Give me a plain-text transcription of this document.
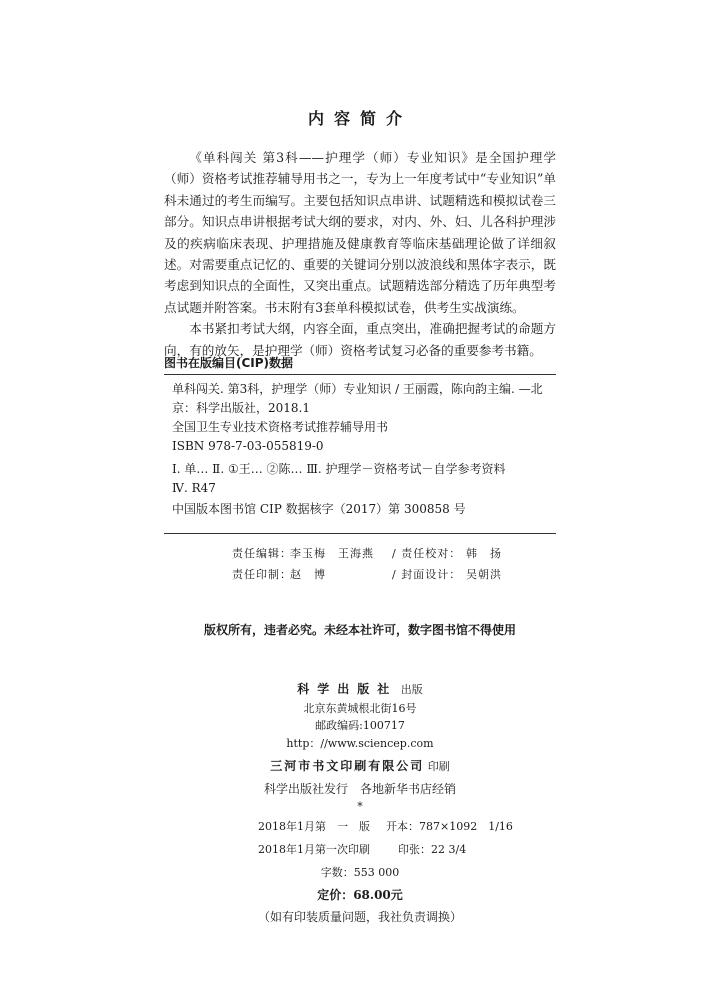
内容简介

《单科闯关 第3科——护理学（师）专业知识》是全国护理学（师）资格考试推荐辅导用书之一，专为上一年度考试中“专业知识”单科未通过的考生而编写。主要包括知识点串讲、试题精选和模拟试卷三部分。知识点串讲根据考试大纲的要求，对内、外、妇、儿各科护理涉及的疾病临床表现、护理措施及健康教育等临床基础理论做了详细叙述。对需要重点记忆的、重要的关键词分别以波浪线和黑体字表示，既考虑到知识点的全面性，又突出重点。试题精选部分精选了历年典型考点试题并附答案。书末附有3套单科模拟试卷，供考生实战演练。

本书紧扣考试大纲，内容全面，重点突出，准确把握考试的命题方向，有的放矢，是护理学（师）资格考试复习必备的重要参考书籍。

图书在版编目(CIP)数据
单科闯关. 第3科，护理学（师）专业知识 / 王丽霞，陈向韵主编. —北
京：科学出版社，2018.1
全国卫生专业技术资格考试推荐辅导用书
ISBN 978-7-03-055819-0
Ⅰ. 单… Ⅱ. ①王… ②陈… Ⅲ. 护理学－资格考试－自学参考资料
Ⅳ. R47
中国版本图书馆 CIP 数据核字（2017）第 300858 号
责任编辑：
李玉梅　王海燕 / 责任校对： 韩　扬
责任印制：
赵　博	/ 封面设计： 吴朝洪
版权所有，违者必究。未经本社许可，数字图书馆不得使用
科学出版社 出版
北京东黄城根北街16号
邮政编码:100717
http：//www.sciencep.com
三河市书文印刷有限公司 印刷
科学出版社发行　各地新华书店经销
*
2018年1月第　一　版 开本：787×1092　1/16
2018年1月第一次印刷	印张：22 3/4
字数：553 000
定价：68.00元
（如有印装质量问题，我社负责调换）
